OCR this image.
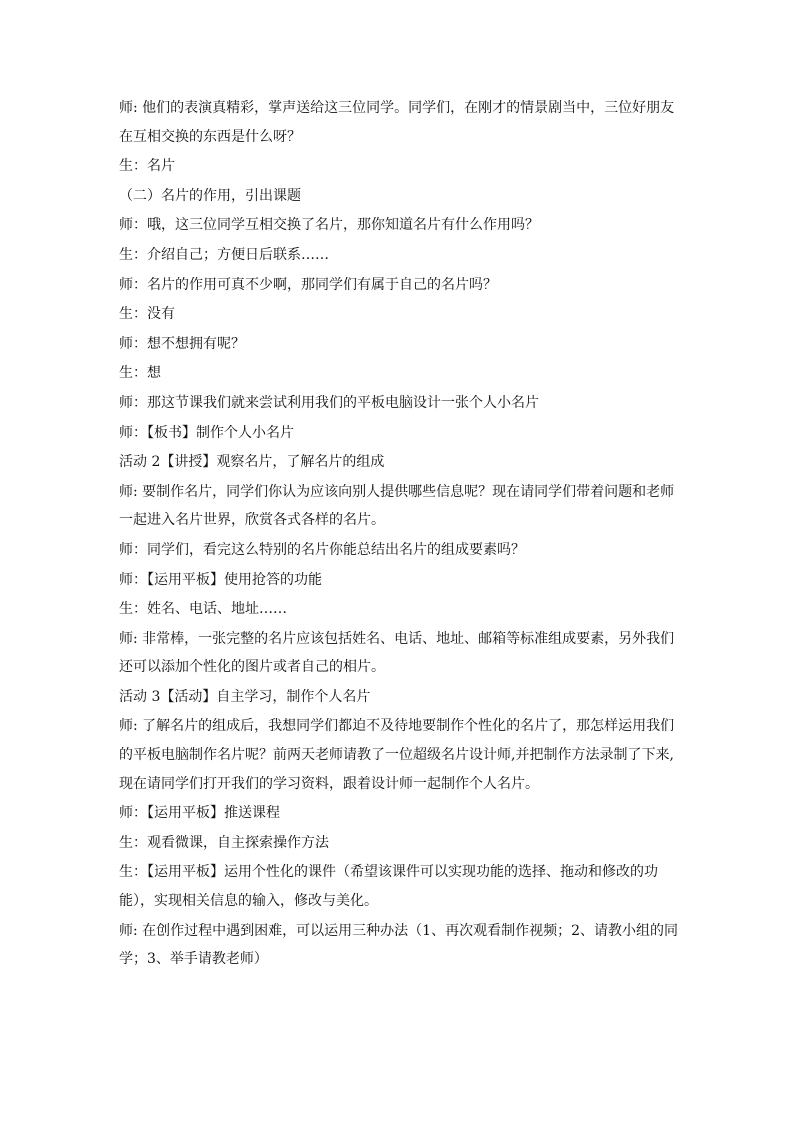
师: 他们的表演真精彩，掌声送给这三位同学。同学们，在刚才的情景剧当中，三位好朋友

在互相交换的东西是什么呀？

生：名片

（二）名片的作用，引出课题

师：哦，这三位同学互相交换了名片，那你知道名片有什么作用吗？

生：介绍自己；方便日后联系……

师：名片的作用可真不少啊，那同学们有属于自己的名片吗？

生：没有

师：想不想拥有呢？

生：想

师：那这节课我们就来尝试利用我们的平板电脑设计一张个人小名片

师：【板书】制作个人小名片

活动 2【讲授】观察名片，了解名片的组成

师: 要制作名片，同学们你认为应该向别人提供哪些信息呢？现在请同学们带着问题和老师

一起进入名片世界，欣赏各式各样的名片。

师：同学们，看完这么特别的名片你能总结出名片的组成要素吗？

师：【运用平板】使用抢答的功能

生：姓名、电话、地址……

师: 非常棒，一张完整的名片应该包括姓名、电话、地址、邮箱等标准组成要素，另外我们

还可以添加个性化的图片或者自己的相片。

活动 3【活动】自主学习，制作个人名片

师: 了解名片的组成后，我想同学们都迫不及待地要制作个性化的名片了，那怎样运用我们

的平板电脑制作名片呢？前两天老师请教了一位超级名片设计师,并把制作方法录制了下来,

现在请同学们打开我们的学习资料，跟着设计师一起制作个人名片。

师：【运用平板】推送课程

生：观看微课，自主探索操作方法

生：【运用平板】运用个性化的课件（希望该课件可以实现功能的选择、拖动和修改的功

能），实现相关信息的输入，修改与美化。

师: 在创作过程中遇到困难，可以运用三种办法（1、再次观看制作视频；2、请教小组的同

学；3、举手请教老师）
